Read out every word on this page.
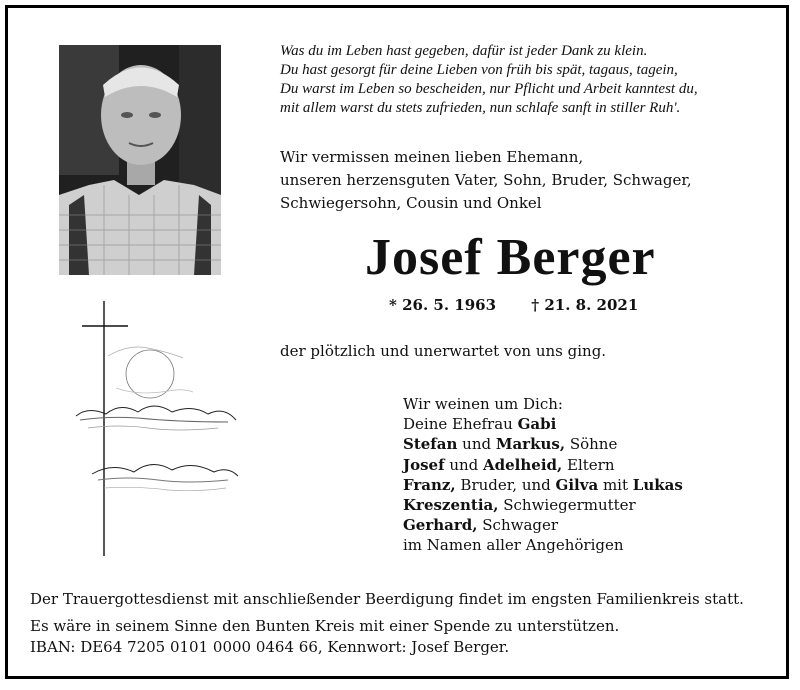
Was du im Leben hast gegeben, dafür ist jeder Dank zu klein.
Du hast gesorgt für deine Lieben von früh bis spät, tagaus, tagein,
Du warst im Leben so bescheiden, nur Pflicht und Arbeit kanntest du,
mit allem warst du stets zufrieden, nun schlafe sanft in stiller Ruh'.
Wir vermissen meinen lieben Ehemann,
unseren herzensguten Vater, Sohn, Bruder, Schwager,
Schwiegersohn, Cousin und Onkel
Josef Berger
* 26. 5. 1963 † 21. 8. 2021
der plötzlich und unerwartet von uns ging.
Wir weinen um Dich:
Deine Ehefrau Gabi
Stefan und Markus, Söhne
Josef und Adelheid, Eltern
Franz, Bruder, und Gilva mit Lukas
Kreszentia, Schwiegermutter
Gerhard, Schwager
im Namen aller Angehörigen
Der Trauergottesdienst mit anschließender Beerdigung findet im engsten Familienkreis statt.
Es wäre in seinem Sinne den Bunten Kreis mit einer Spende zu unterstützen.
IBAN: DE64 7205 0101 0000 0464 66, Kennwort: Josef Berger.
